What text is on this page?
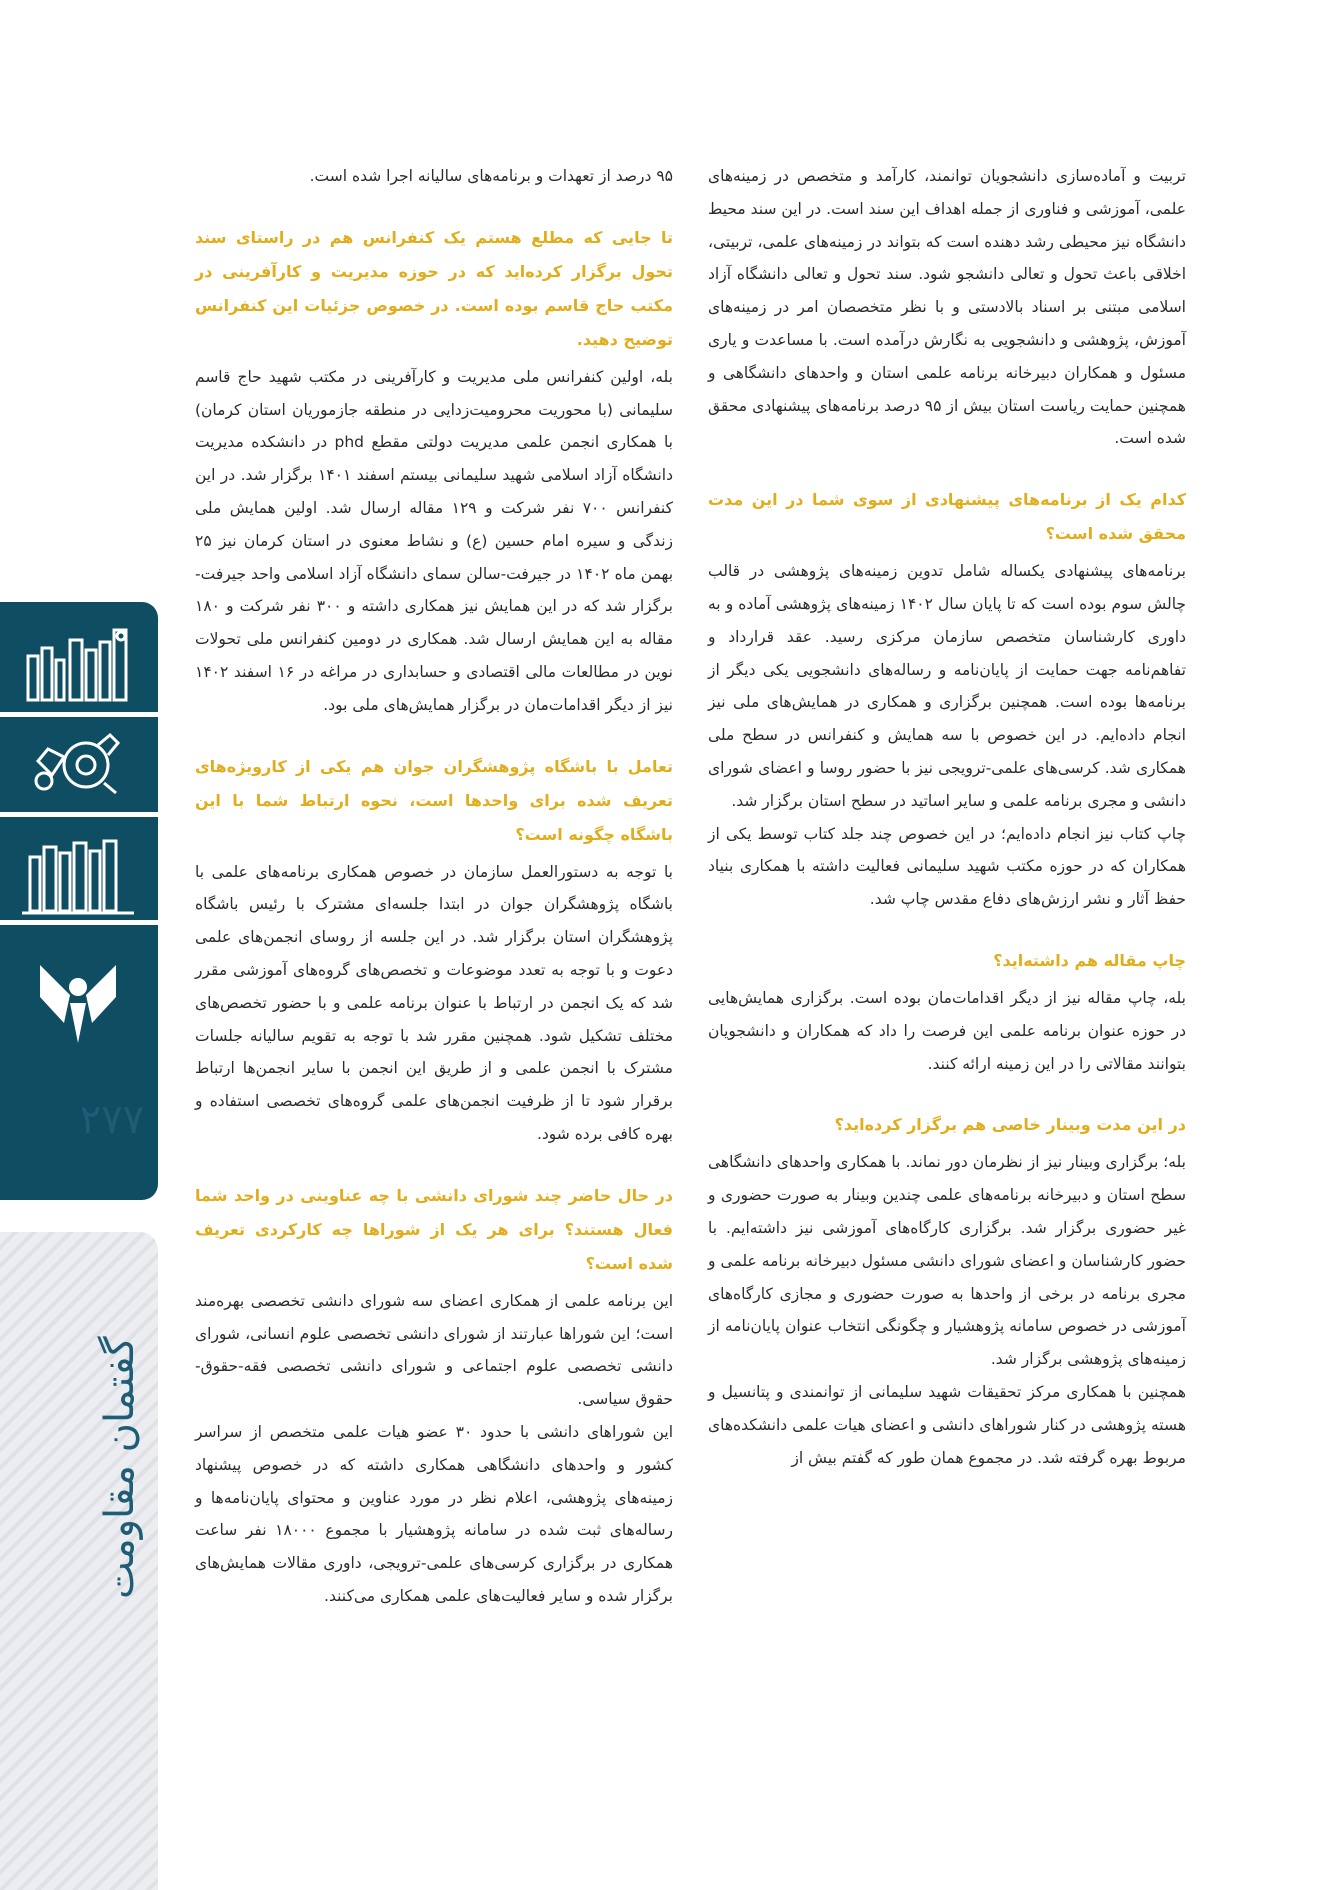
۲۷۷
گفتمان مقاومت

تربیت و آماده‌سازی دانشجویان توانمند، کارآمد و متخصص در زمینه‌های علمی، آموزشی و فناوری از جمله اهداف این سند است. در این سند محیط دانشگاه نیز محیطی رشد دهنده است که بتواند در زمینه‌های علمی، تربیتی، اخلاقی باعث تحول و تعالی دانشجو شود. سند تحول و تعالی دانشگاه آزاد اسلامی مبتنی بر اسناد بالادستی و با نظر متخصصان امر در زمینه‌های آموزش، پژوهشی و دانشجویی به نگارش درآمده است. با مساعدت و یاری مسئول و همکاران دبیرخانه برنامه علمی استان و واحدهای دانشگاهی و همچنین حمایت ریاست استان بیش از ۹۵ درصد برنامه‌های پیشنهادی محقق شده است.

کدام یک از برنامه‌های پیشنهادی از سوی شما در این مدت محقق شده است؟

برنامه‌های پیشنهادی یکساله شامل تدوین زمینه‌های پژوهشی در قالب چالش سوم بوده است که تا پایان سال ۱۴۰۲ زمینه‌های پژوهشی آماده و به داوری کارشناسان متخصص سازمان مرکزی رسید. عقد قرارداد و تفاهم‌نامه جهت حمایت از پایان‌نامه و رساله‌های دانشجویی یکی دیگر از برنامه‌ها بوده است. همچنین برگزاری و همکاری در همایش‌های ملی نیز انجام داده‌ایم. در این خصوص با سه همایش و کنفرانس در سطح ملی همکاری شد. کرسی‌های علمی-ترویجی نیز با حضور روسا و اعضای شورای دانشی و مجری برنامه علمی و سایر اساتید در سطح استان برگزار شد.

چاپ کتاب نیز انجام داده‌ایم؛ در این خصوص چند جلد کتاب توسط یکی از همکاران که در حوزه مکتب شهید سلیمانی فعالیت داشته با همکاری بنیاد حفظ آثار و نشر ارزش‌های دفاع مقدس چاپ شد.

چاپ مقاله هم داشته‌اید؟

بله، چاپ مقاله نیز از دیگر اقدامات‌مان بوده است. برگزاری همایش‌هایی در حوزه عنوان برنامه علمی این فرصت را داد که همکاران و دانشجویان بتوانند مقالاتی را در این زمینه ارائه کنند.

در این مدت وبینار خاصی هم برگزار کرده‌اید؟

بله؛ برگزاری وبینار نیز از نظرمان دور نماند. با همکاری واحدهای دانشگاهی سطح استان و دبیرخانه برنامه‌های علمی چندین وبینار به صورت حضوری و غیر حضوری برگزار شد. برگزاری کارگاه‌های آموزشی نیز داشته‌ایم. با حضور کارشناسان و اعضای شورای دانشی مسئول دبیرخانه برنامه علمی و مجری برنامه در برخی از واحدها به صورت حضوری و مجازی کارگاه‌های آموزشی در خصوص سامانه پژوهشیار و چگونگی انتخاب عنوان پایان‌نامه از زمینه‌های پژوهشی برگزار شد.

همچنین با همکاری مرکز تحقیقات شهید سلیمانی از توانمندی و پتانسیل و هسته پژوهشی در کنار شوراهای دانشی و اعضای هیات علمی دانشکده‌های مربوط بهره گرفته شد. در مجموع همان طور که گفتم بیش از

۹۵ درصد از تعهدات و برنامه‌های سالیانه اجرا شده است.

تا جایی که مطلع هستم یک کنفرانس هم در راستای سند تحول برگزار کرده‌اید که در حوزه مدیریت و کارآفرینی در مکتب حاج قاسم بوده است. در خصوص جزئیات این کنفرانس توضیح دهید.

بله، اولین کنفرانس ملی مدیریت و کارآفرینی در مکتب شهید حاج قاسم سلیمانی (با محوریت محرومیت‌زدایی در منطقه جازموریان استان کرمان) با همکاری انجمن علمی مدیریت دولتی مقطع phd در دانشکده مدیریت دانشگاه آزاد اسلامی شهید سلیمانی بیستم اسفند ۱۴۰۱ برگزار شد. در این کنفرانس ۷۰۰ نفر شرکت و ۱۲۹ مقاله ارسال شد. اولین همایش ملی زندگی و سیره امام حسین (ع) و نشاط معنوی در استان کرمان نیز ۲۵ بهمن ماه ۱۴۰۲ در جیرفت-سالن سمای دانشگاه آزاد اسلامی واحد جیرفت-برگزار شد که در این همایش نیز همکاری داشته و ۳۰۰ نفر شرکت و ۱۸۰ مقاله به این همایش ارسال شد. همکاری در دومین کنفرانس ملی تحولات نوین در مطالعات مالی اقتصادی و حسابداری در مراغه در ۱۶ اسفند ۱۴۰۲ نیز از دیگر اقدامات‌مان در برگزار همایش‌های ملی بود.

تعامل با باشگاه پژوهشگران جوان هم یکی از کارویژه‌های تعریف شده برای واحدها است، نحوه ارتباط شما با این باشگاه چگونه است؟

با توجه به دستورالعمل سازمان در خصوص همکاری برنامه‌های علمی با باشگاه پژوهشگران جوان در ابتدا جلسه‌ای مشترک با رئیس باشگاه پژوهشگران استان برگزار شد. در این جلسه از روسای انجمن‌های علمی دعوت و با توجه به تعدد موضوعات و تخصص‌های گروه‌های آموزشی مقرر شد که یک انجمن در ارتباط با عنوان برنامه علمی و با حضور تخصص‌های مختلف تشکیل شود. همچنین مقرر شد با توجه به تقویم سالیانه جلسات مشترک با انجمن علمی و از طریق این انجمن با سایر انجمن‌ها ارتباط برقرار شود تا از ظرفیت انجمن‌های علمی گروه‌های تخصصی استفاده و بهره کافی برده شود.

در حال حاضر چند شورای دانشی با چه عناوینی در واحد شما فعال هستند؟ برای هر یک از شوراها چه کارکردی تعریف شده است؟

این برنامه علمی از همکاری اعضای سه شورای دانشی تخصصی بهره‌مند است؛ این شوراها عبارتند از شورای دانشی تخصصی علوم انسانی، شورای دانشی تخصصی علوم اجتماعی و شورای دانشی تخصصی فقه-حقوق-حقوق سیاسی.

این شوراهای دانشی با حدود ۳۰ عضو هیات علمی متخصص از سراسر کشور و واحدهای دانشگاهی همکاری داشته که در خصوص پیشنهاد زمینه‌های پژوهشی، اعلام نظر در مورد عناوین و محتوای پایان‌نامه‌ها و رساله‌های ثبت شده در سامانه پژوهشیار با مجموع ۱۸۰۰۰ نفر ساعت همکاری در برگزاری کرسی‌های علمی-ترویجی، داوری مقالات همایش‌های برگزار شده و سایر فعالیت‌های علمی همکاری می‌کنند.
